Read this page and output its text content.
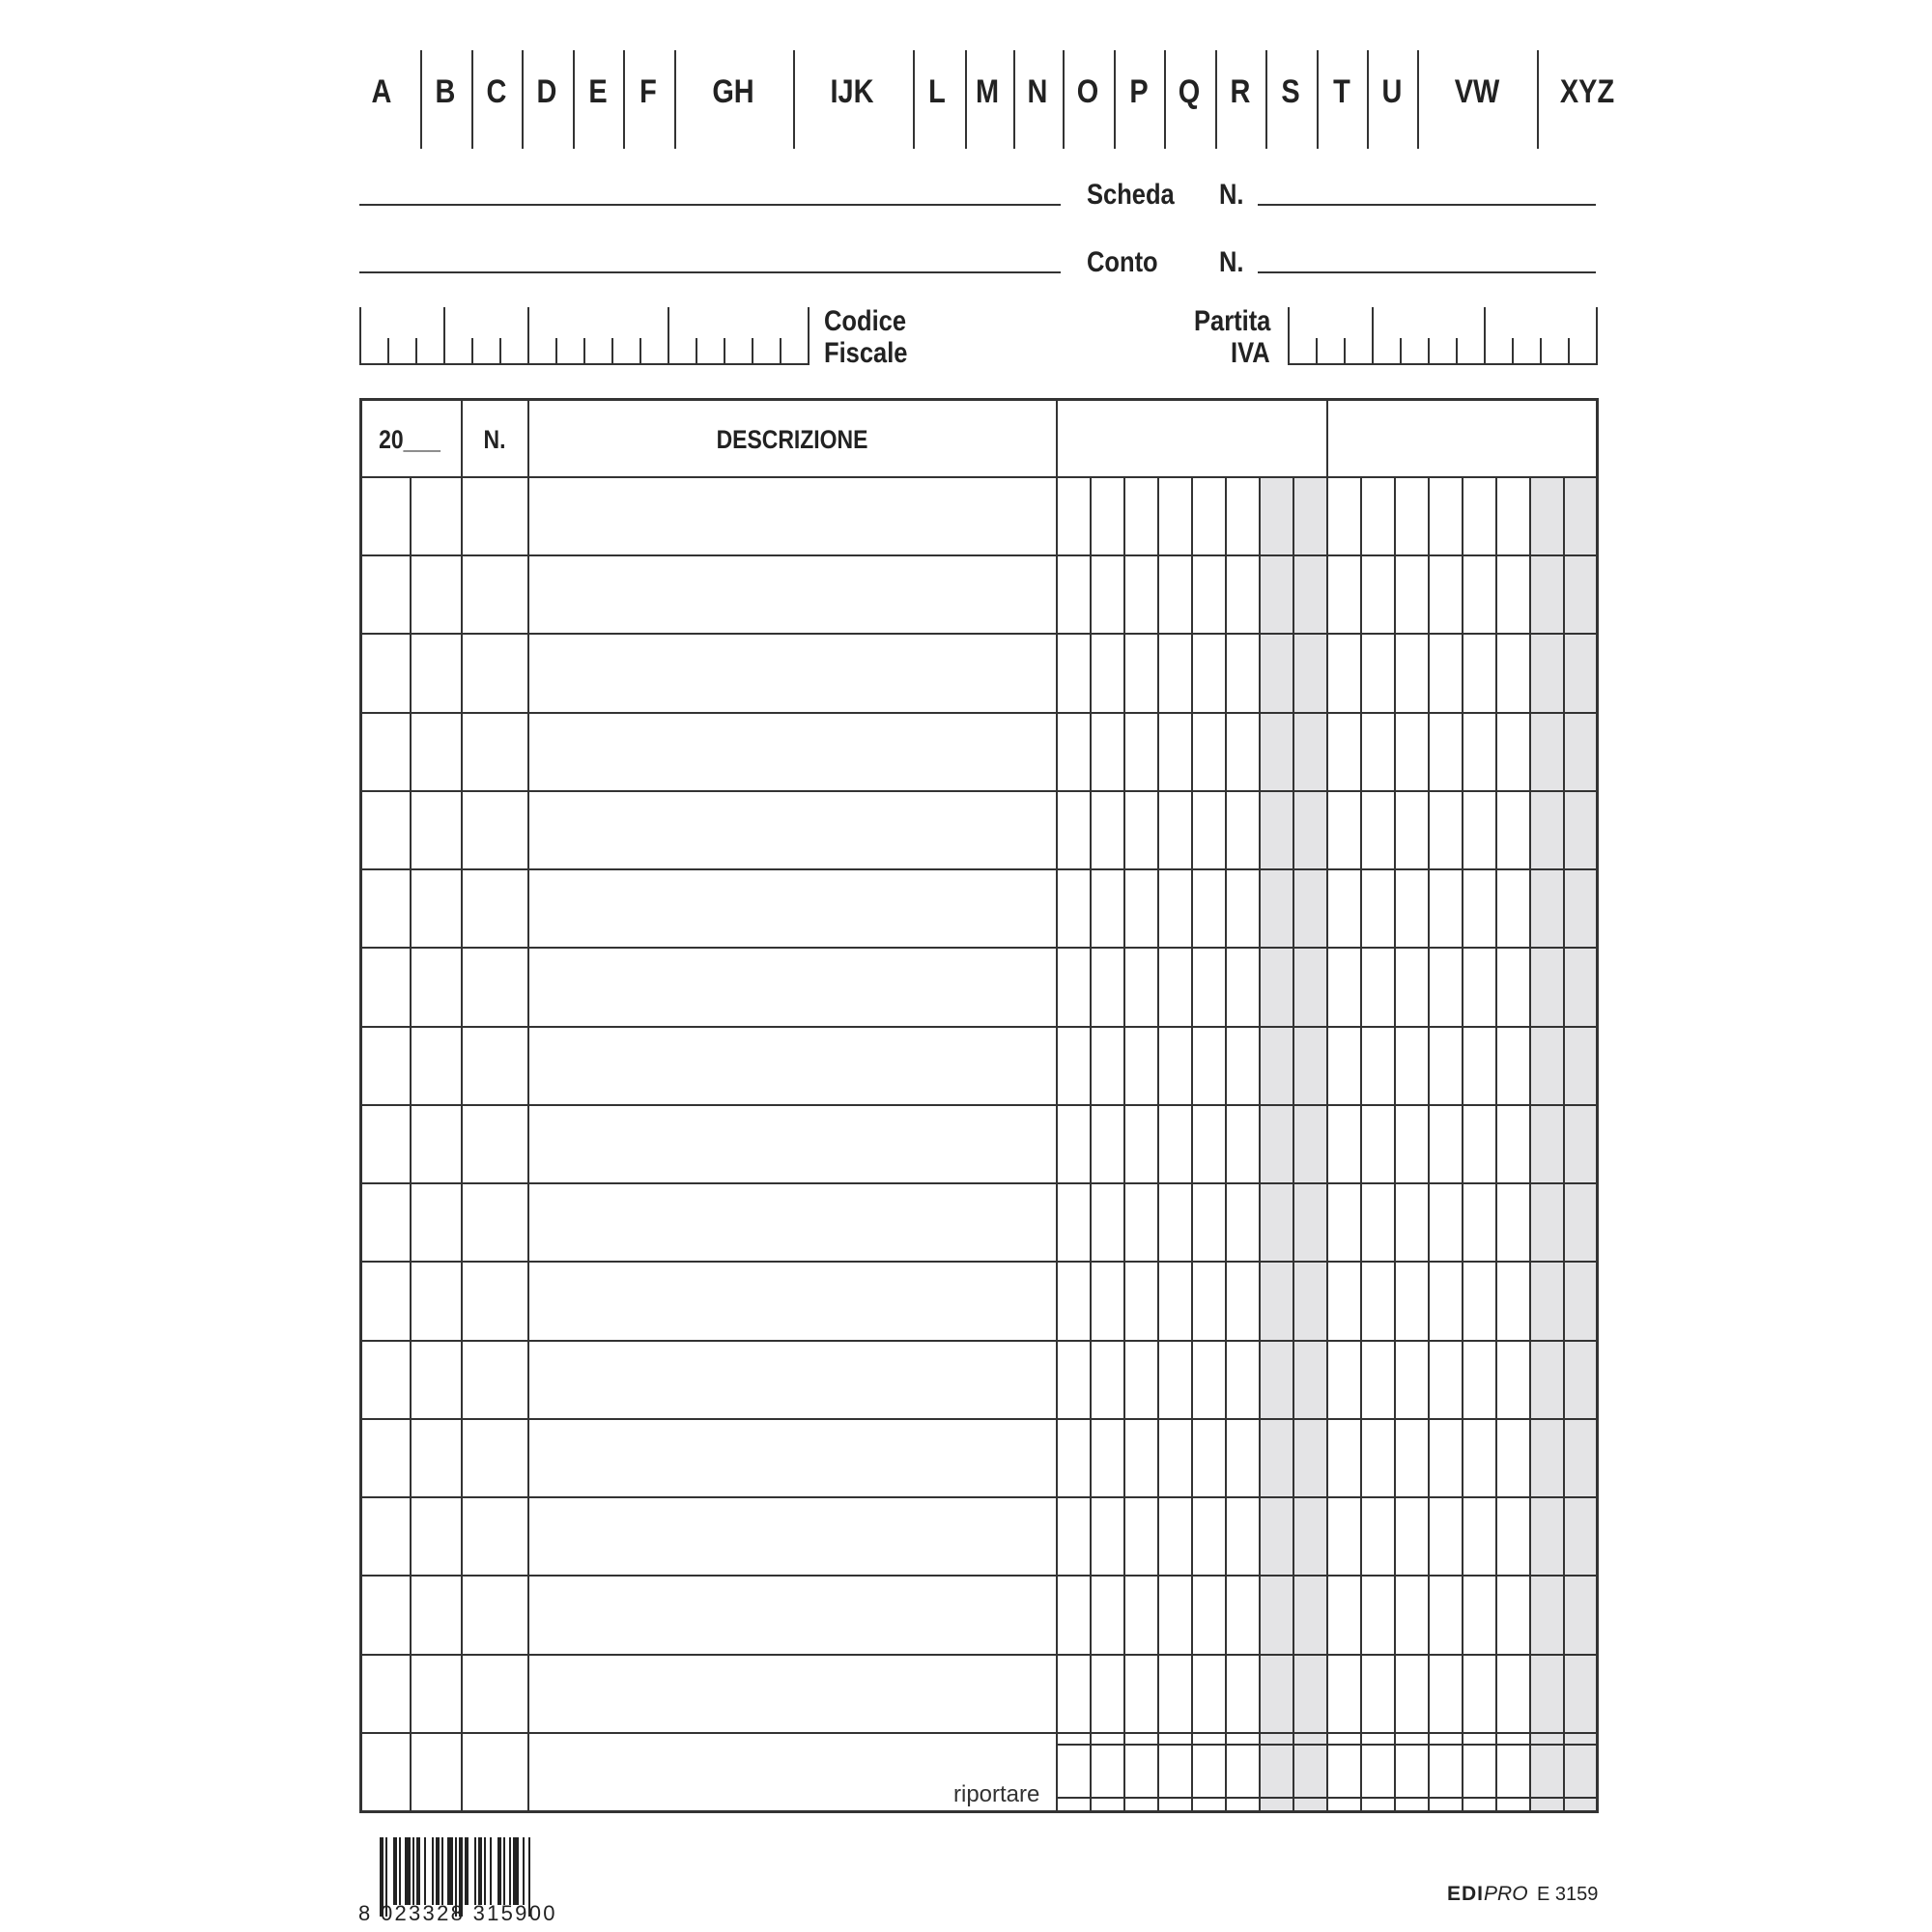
A B C D E F GH IJK L M N O P Q R S T U VW XYZ
Scheda N.
Conto N.
Codice
Fiscale
Partita
IVA
20___ N.	DESCRIZIONE
riportare
8 023328 315900
EDIPRO E 3159
